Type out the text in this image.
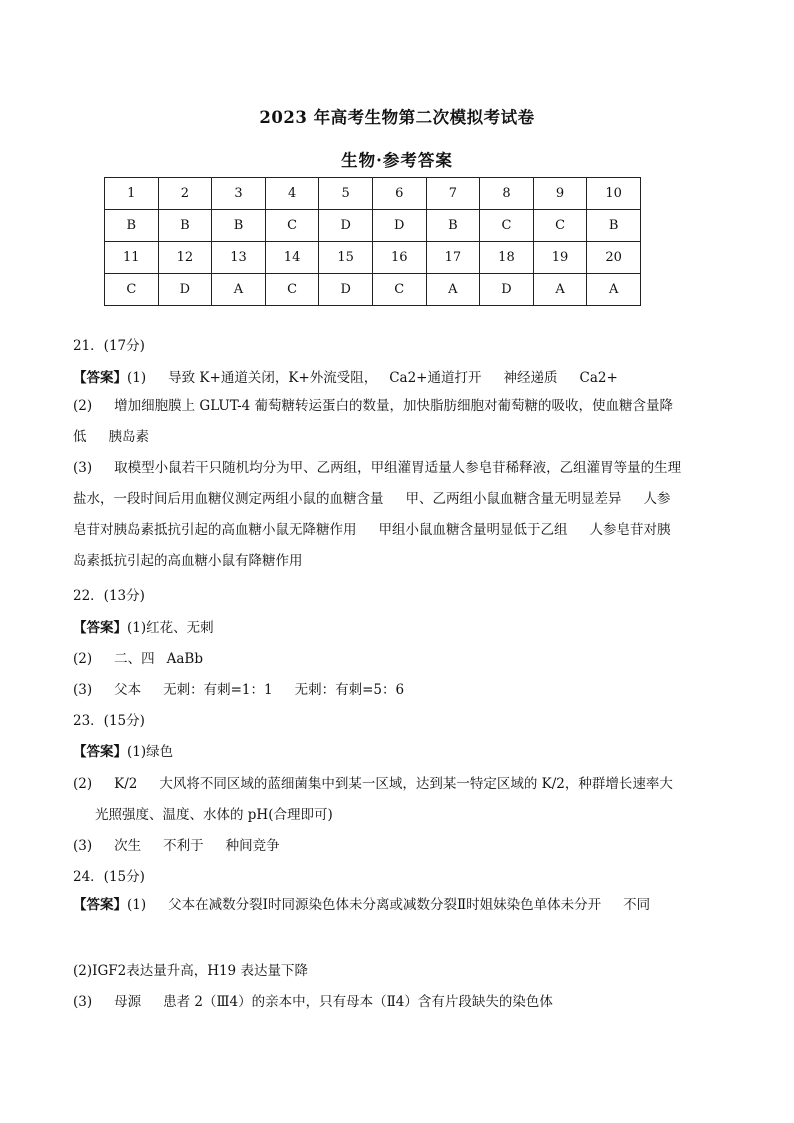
2023 年高考生物第二次模拟考试卷
生物·参考答案
1	2	3	4	5	6	7	8	9	10
B	B	B	C	D	D	B	C	C	B
11	12	13	14	15	16	17	18	19	20
C	D	A	C	D	C	A	D	A	A
21．(17分)
【答案】(1) 导致 K+通道关闭，K+外流受阻， Ca2+通道打开 神经递质 Ca2+
(2) 增加细胞膜上 GLUT-4 葡萄糖转运蛋白的数量，加快脂肪细胞对葡萄糖的吸收，使血糖含量降低 胰岛素
(3) 取模型小鼠若干只随机均分为甲、乙两组，甲组灌胃适量人参皂苷稀释液，乙组灌胃等量的生理盐水，一段时间后用血糖仪测定两组小鼠的血糖含量 甲、乙两组小鼠血糖含量无明显差异 人参皂苷对胰岛素抵抗引起的高血糖小鼠无降糖作用 甲组小鼠血糖含量明显低于乙组 人参皂苷对胰岛素抵抗引起的高血糖小鼠有降糖作用
22．(13分)
【答案】(1)红花、无刺
(2) 二、四 AaBb
(3) 父本 无刺：有刺=1：1 无刺：有刺=5：6
23．(15分)
【答案】(1)绿色
(2) K/2 大风将不同区域的蓝细菌集中到某一区域，达到某一特定区域的 K/2，种群增长速率大
光照强度、温度、水体的 pH(合理即可)
(3) 次生 不利于 种间竞争
24．(15分)
【答案】(1) 父本在减数分裂Ⅰ时同源染色体未分离或减数分裂Ⅱ时姐妹染色单体未分开 不同
(2)IGF2表达量升高，H19 表达量下降
(3) 母源 患者 2（Ⅲ4）的亲本中，只有母本（Ⅱ4）含有片段缺失的染色体
